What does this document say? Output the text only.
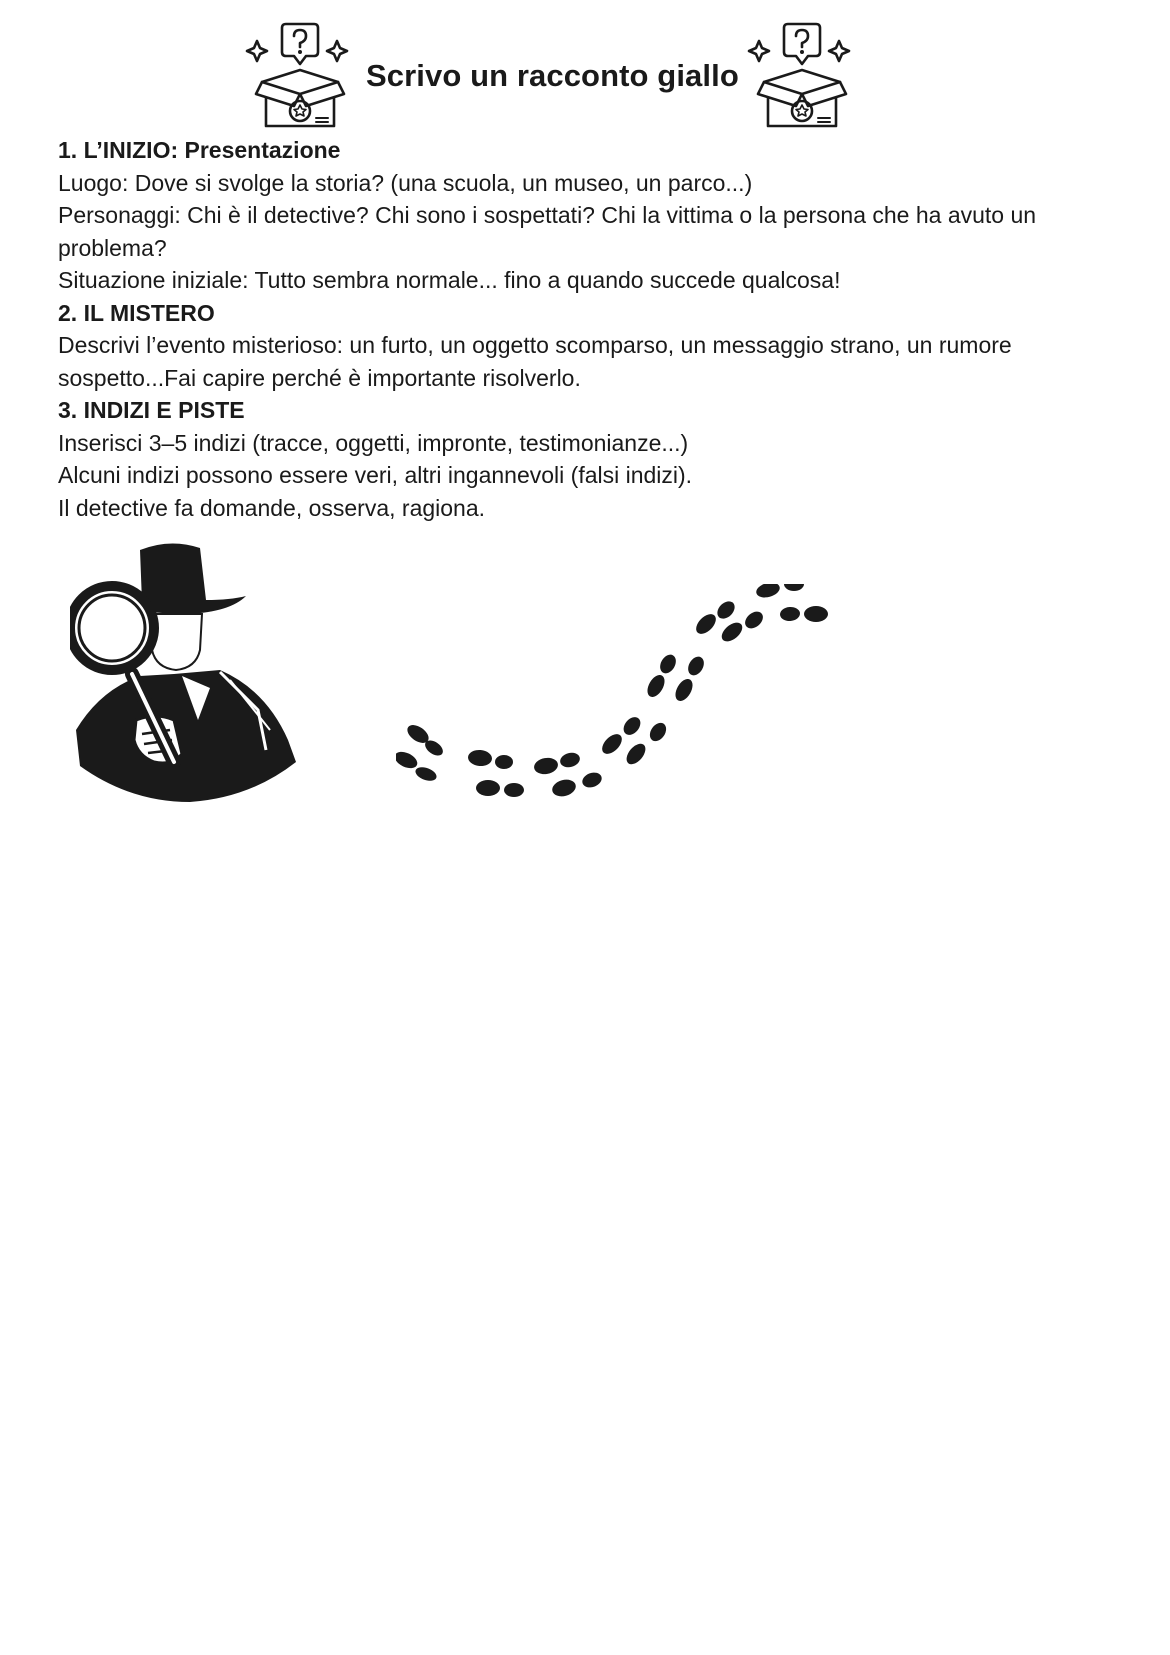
Scrivo un racconto giallo

1. L’INIZIO: Presentazione

Luogo: Dove si svolge la storia? (una scuola, un museo, un parco...)

Personaggi: Chi è il detective? Chi sono i sospettati? Chi la vittima o la persona che ha avuto un problema?

Situazione iniziale: Tutto sembra normale... fino a quando succede qualcosa!

2. IL MISTERO

Descrivi l’evento misterioso: un furto, un oggetto scomparso, un messaggio strano, un rumore sospetto...Fai capire perché è importante risolverlo.

3. INDIZI E PISTE

Inserisci 3–5 indizi (tracce, oggetti, impronte, testimonianze...)

Alcuni indizi possono essere veri, altri ingannevoli (falsi indizi).

Il detective fa domande, osserva, ragiona.
